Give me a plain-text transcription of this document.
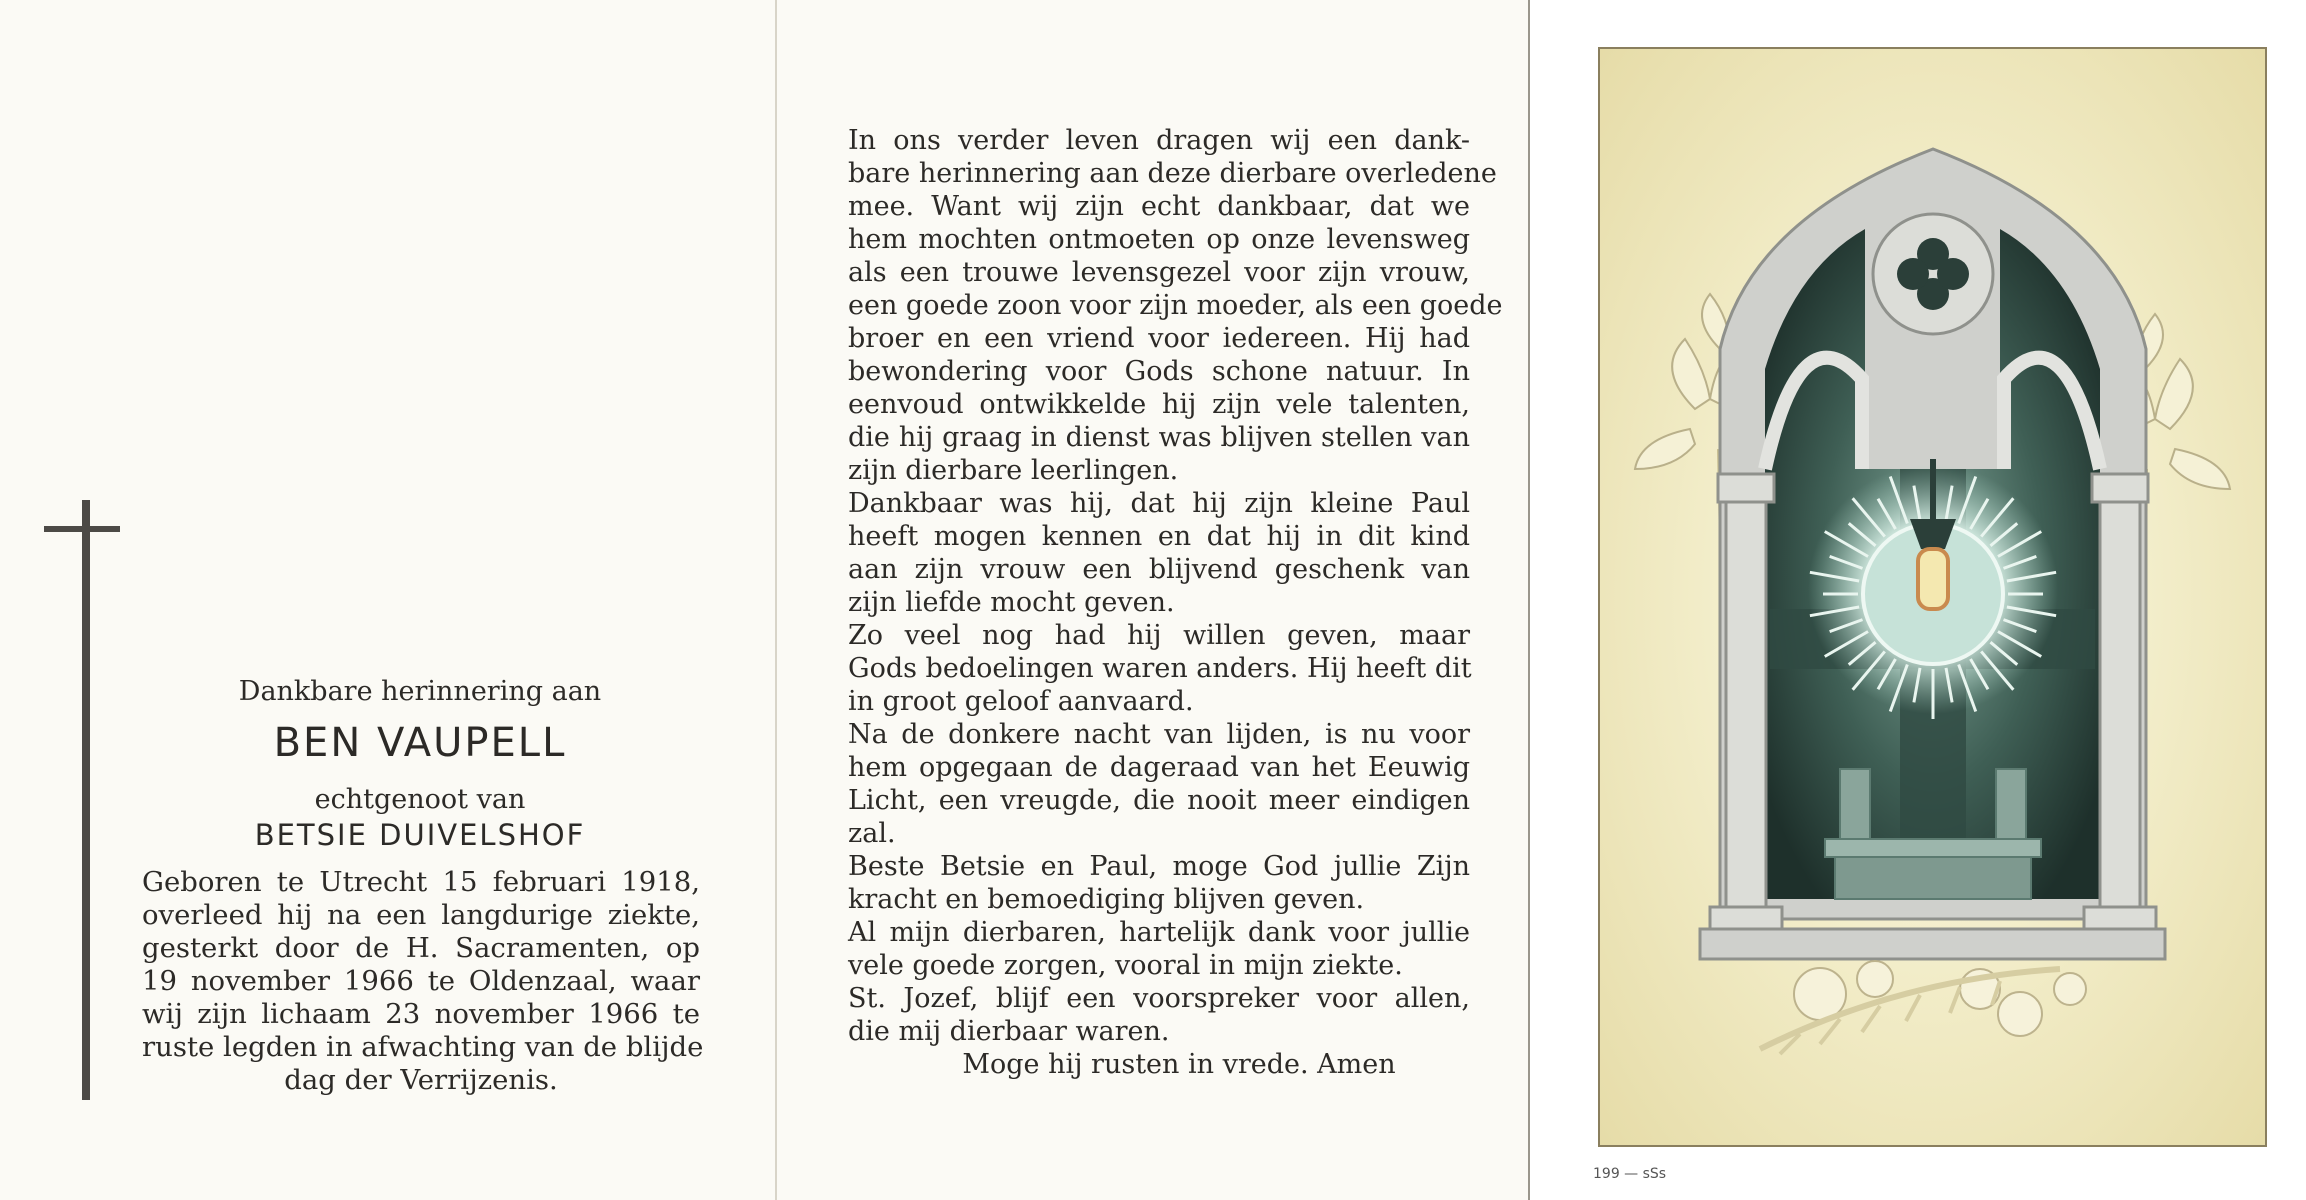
Dankbare herinnering aan
BEN VAUPELL
echtgenoot van
BETSIE DUIVELSHOF
Geboren te Utrecht 15 februari 1918,
overleed hij na een langdurige ziekte,
gesterkt door de H. Sacramenten, op
19 november 1966 te Oldenzaal, waar
wij zijn lichaam 23 november 1966 te
ruste legden in afwachting van de blijde
dag der Verrijzenis.
In ons verder leven dragen wij een dank-
bare herinnering aan deze dierbare overledene
mee. Want wij zijn echt dankbaar, dat we
hem mochten ontmoeten op onze levensweg
als een trouwe levensgezel voor zijn vrouw,
een goede zoon voor zijn moeder, als een goede
broer en een vriend voor iedereen. Hij had
bewondering voor Gods schone natuur. In
eenvoud ontwikkelde hij zijn vele talenten,
die hij graag in dienst was blijven stellen van
zijn dierbare leerlingen.
Dankbaar was hij, dat hij zijn kleine Paul
heeft mogen kennen en dat hij in dit kind
aan zijn vrouw een blijvend geschenk van
zijn liefde mocht geven.
Zo veel nog had hij willen geven, maar
Gods bedoelingen waren anders. Hij heeft dit
in groot geloof aanvaard.
Na de donkere nacht van lijden, is nu voor
hem opgegaan de dageraad van het Eeuwig
Licht, een vreugde, die nooit meer eindigen
zal.
Beste Betsie en Paul, moge God jullie Zijn
kracht en bemoediging blijven geven.
Al mijn dierbaren, hartelijk dank voor jullie
vele goede zorgen, vooral in mijn ziekte.
St. Jozef, blijf een voorspreker voor allen,
die mij dierbaar waren.
Moge hij rusten in vrede. Amen
199 — sSs
